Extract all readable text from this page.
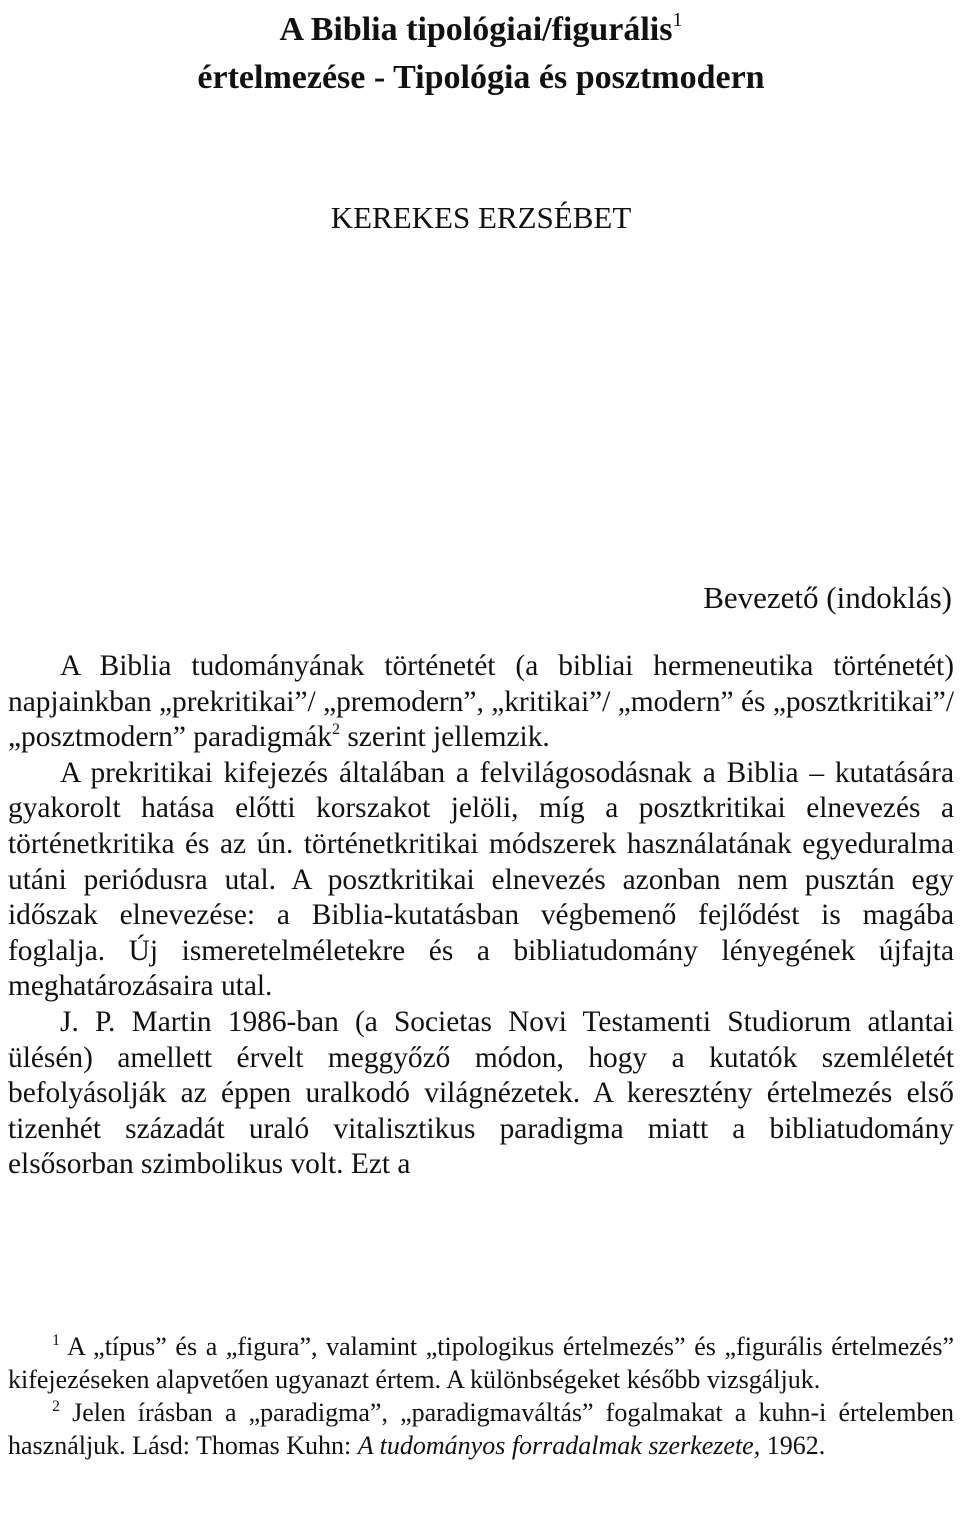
A Biblia tipológiai/figurális$^1$
értelmezése - Tipológia és posztmodern
KEREKES ERZSÉBET
Bevezető (indoklás)

A Biblia tudományának történetét (a bibliai hermeneutika történetét) napjainkban „prekritikai”/ „premodern”, „kritikai”/ „modern” és „posztkritikai”/ „posztmodern” paradigmák$^2$ szerint jellemzik.

A prekritikai kifejezés általában a felvilágosodásnak a Biblia – kutatására gyakorolt hatása előtti korszakot jelöli, míg a posztkritikai elnevezés a történetkritika és az ún. történetkritikai módszerek használatának egyeduralma utáni periódusra utal. A posztkritikai elnevezés azonban nem pusztán egy időszak elnevezése: a Biblia-kutatásban végbemenő fejlődést is magába foglalja. Új ismeretelméletekre és a bibliatudomány lényegének újfajta meghatározásaira utal.

J. P. Martin 1986-ban (a Societas Novi Testamenti Studiorum atlantai ülésén) amellett érvelt meggyőző módon, hogy a kutatók szemléletét befolyásolják az éppen uralkodó világnézetek. A keresztény értelmezés első tizenhét századát uraló vitalisztikus paradigma miatt a bibliatudomány elsősorban szimbolikus volt. Ezt a

$^1$ A „típus” és a „figura”, valamint „tipologikus értelmezés” és „figurális értelmezés” kifejezéseken alapvetően ugyanazt értem. A különbségeket később vizsgáljuk.

$^2$ Jelen írásban a „paradigma”, „paradigmaváltás” fogalmakat a kuhn-i értelemben használjuk. Lásd: Thomas Kuhn: A tudományos forradalmak szerkezete, 1962.
